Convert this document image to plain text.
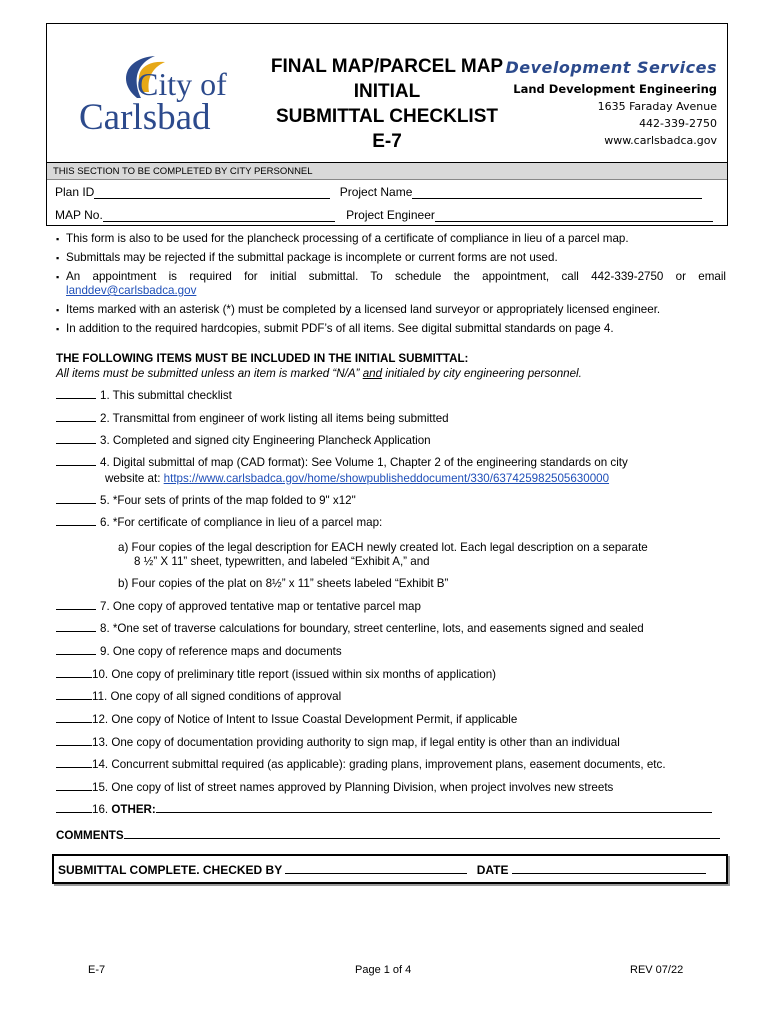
City of
Carlsbad
FINAL MAP/PARCEL MAP
INITIAL
SUBMITTAL CHECKLIST
E-7
Development Services
Land Development Engineering
1635 Faraday Avenue
442-339-2750
www.carlsbadca.gov
THIS SECTION TO BE COMPLETED BY CITY PERSONNEL
Plan ID	Project Name
MAP No.	Project Engineer
▪ This form is also to be used for the plancheck processing of a certificate of compliance in lieu of a parcel map.
▪ Submittals may be rejected if the submittal package is incomplete or current forms are not used.
▪ An appointment is required for initial submittal. To schedule the appointment, call 442-339-2750 or email
landdev@carlsbadca.gov
▪ Items marked with an asterisk (*) must be completed by a licensed land surveyor or appropriately licensed engineer.
▪ In addition to the required hardcopies, submit PDF’s of all items. See digital submittal standards on page 4.
THE FOLLOWING ITEMS MUST BE INCLUDED IN THE INITIAL SUBMITTAL:
All items must be submitted unless an item is marked “N/A” and initialed by city engineering personnel.
1. This submittal checklist
2. Transmittal from engineer of work listing all items being submitted
3. Completed and signed city Engineering Plancheck Application
4. Digital submittal of map (CAD format): See Volume 1, Chapter 2 of the engineering standards on city
website at: https://www.carlsbadca.gov/home/showpublisheddocument/330/637425982505630000
5. *Four sets of prints of the map folded to 9" x12"
6. *For certificate of compliance in lieu of a parcel map:
a) Four copies of the legal description for EACH newly created lot. Each legal description on a separate
8 ½” X 11” sheet, typewritten, and labeled “Exhibit A,” and
b) Four copies of the plat on 8½” x 11” sheets labeled “Exhibit B”
7. One copy of approved tentative map or tentative parcel map
8. *One set of traverse calculations for boundary, street centerline, lots, and easements signed and sealed
9. One copy of reference maps and documents
10. One copy of preliminary title report (issued within six months of application)
11. One copy of all signed conditions of approval
12. One copy of Notice of Intent to Issue Coastal Development Permit, if applicable
13. One copy of documentation providing authority to sign map, if legal entity is other than an individual
14. Concurrent submittal required (as applicable): grading plans, improvement plans, easement documents, etc.
15. One copy of list of street names approved by Planning Division, when project involves new streets
16. OTHER:
COMMENTS
SUBMITTAL COMPLETE. CHECKED BY	DATE
E-7	Page 1 of 4	REV 07/22
